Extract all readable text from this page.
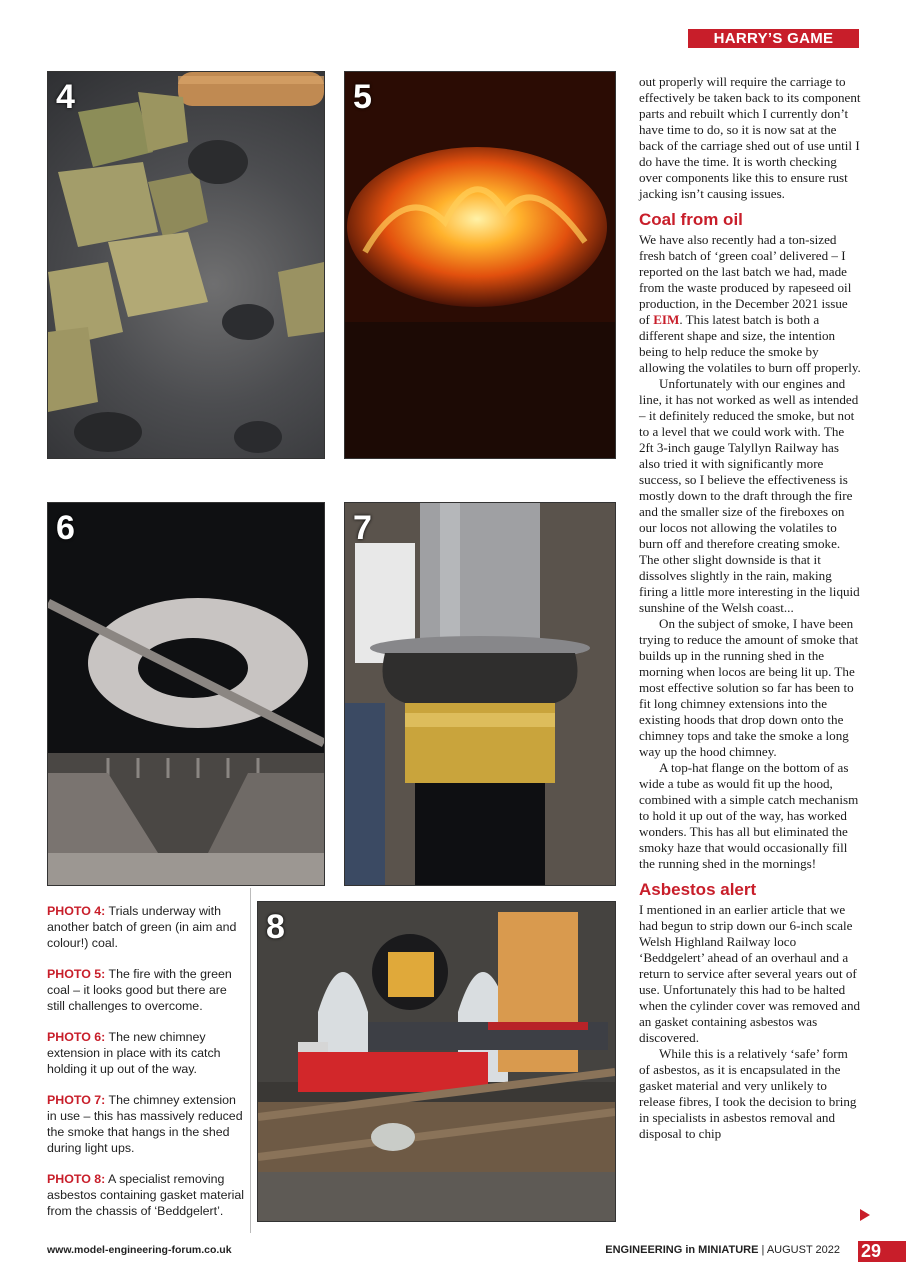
HARRY’S GAME
4	5
6	7
8

PHOTO 4: Trials underway with another batch of green (in aim and colour!) coal.

PHOTO 5: The fire with the green coal – it looks good but there are still challenges to overcome.

PHOTO 6: The new chimney extension in place with its catch holding it up out of the way.

PHOTO 7: The chimney extension in use – this has massively reduced the smoke that hangs in the shed during light ups.

PHOTO 8: A specialist removing asbestos containing gasket material from the chassis of ‘Beddgelert’.

out properly will require the carriage to effectively be taken back to its component parts and rebuilt which I currently don’t have time to do, so it is now sat at the back of the carriage shed out of use until I do have the time. It is worth checking over components like this to ensure rust jacking isn’t causing issues.

Coal from oil

We have also recently had a ton-sized fresh batch of ‘green coal’ delivered – I reported on the last batch we had, made from the waste produced by rapeseed oil production, in the December 2021 issue of EIM. This latest batch is both a different shape and size, the intention being to help reduce the smoke by allowing the volatiles to burn off properly.

Unfortunately with our engines and line, it has not worked as well as intended – it definitely reduced the smoke, but not to a level that we could work with. The 2ft 3-inch gauge Talyllyn Railway has also tried it with significantly more success, so I believe the effectiveness is mostly down to the draft through the fire and the smaller size of the fireboxes on our locos not allowing the volatiles to burn off and therefore creating smoke. The other slight downside is that it dissolves slightly in the rain, making firing a little more interesting in the liquid sunshine of the Welsh coast...

On the subject of smoke, I have been trying to reduce the amount of smoke that builds up in the running shed in the morning when locos are being lit up. The most effective solution so far has been to fit long chimney extensions into the existing hoods that drop down onto the chimney tops and take the smoke a long way up the hood chimney.

A top-hat flange on the bottom of as wide a tube as would fit up the hood, combined with a simple catch mechanism to hold it up out of the way, has worked wonders. This has all but eliminated the smoky haze that would occasionally fill the running shed in the mornings!

Asbestos alert

I mentioned in an earlier article that we had begun to strip down our 6-inch scale Welsh Highland Railway loco ‘Beddgelert’ ahead of an overhaul and a return to service after several years out of use. Unfortunately this had to be halted when the cylinder cover was removed and an gasket containing asbestos was discovered.

While this is a relatively ‘safe’ form of asbestos, as it is encapsulated in the gasket material and very unlikely to release fibres, I took the decision to bring in specialists in asbestos removal and disposal to chip

www.model-engineering-forum.co.uk	ENGINEERING in MINIATURE | AUGUST 2022 29
